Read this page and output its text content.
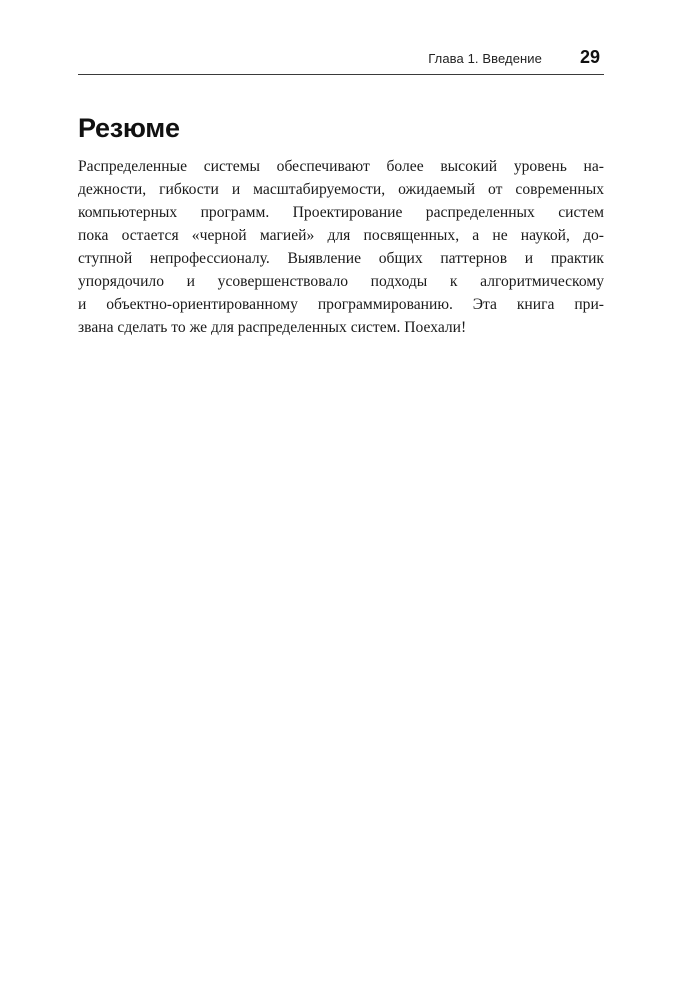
Глава 1. Введение 29
Резюме
Распределенные системы обеспечивают более высокий уровень на-
дежности, гибкости и масштабируемости, ожидаемый от современных
компьютерных программ. Проектирование распределенных систем
пока остается «черной магией» для посвященных, а не наукой, до-
ступной непрофессионалу. Выявление общих паттернов и практик
упорядочило и усовершенствовало подходы к алгоритмическому
и объектно-ориентированному программированию. Эта книга при-
звана сделать то же для распределенных систем. Поехали!
